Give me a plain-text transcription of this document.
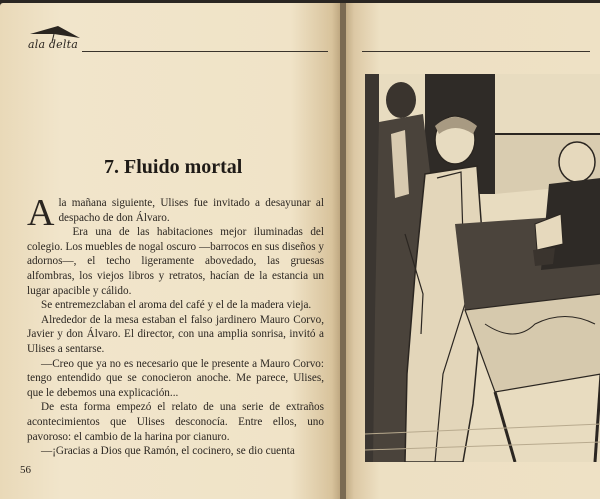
ala delta
7. Fluido mortal

Ala mañana siguiente, Ulises fue invitado a desayunar al despacho de don Álvaro.

Era una de las habitaciones mejor iluminadas del colegio. Los muebles de nogal oscuro —barrocos en sus diseños y adornos—, el techo ligeramente abovedado, las gruesas alfombras, los viejos libros y retratos, hacían de la estancia un lugar apacible y cálido.

Se entremezclaban el aroma del café y el de la madera vieja.

Alrededor de la mesa estaban el falso jardinero Mauro Corvo, Javier y don Álvaro. El director, con una amplia sonrisa, invitó a Ulises a sentarse.

—Creo que ya no es necesario que le presente a Mauro Corvo: tengo entendido que se conocieron anoche. Me parece, Ulises, que le debemos una explicación...

De esta forma empezó el relato de una serie de extraños acontecimientos que Ulises desconocía. Entre ellos, uno pavoroso: el cambio de la harina por cianuro.

—¡Gracias a Dios que Ramón, el cocinero, se dio cuenta

56
